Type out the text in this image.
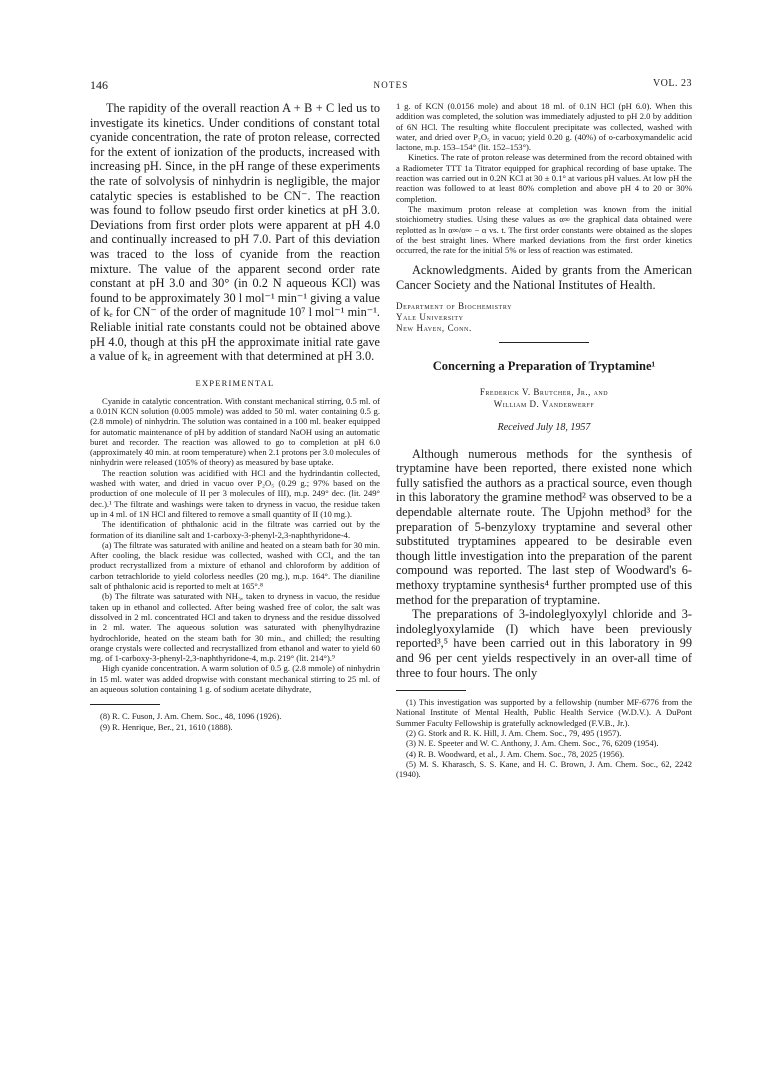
146	NOTES	VOL. 23

The rapidity of the overall reaction A + B + C led us to investigate its kinetics. Under conditions of constant total cyanide concentration, the rate of proton release, corrected for the extent of ionization of the products, increased with increasing pH. Since, in the pH range of these experiments the rate of solvolysis of ninhydrin is negligible, the major catalytic species is established to be CN⁻. The reaction was found to follow pseudo first order kinetics at pH 3.0. Deviations from first order plots were apparent at pH 4.0 and continually increased to pH 7.0. Part of this deviation was traced to the loss of cyanide from the reaction mixture. The value of the apparent second order rate constant at pH 3.0 and 30° (in 0.2 N aqueous KCl) was found to be approximately 30 l mol⁻¹ min⁻¹ giving a value of kₑ for CN⁻ of the order of magnitude 10⁷ l mol⁻¹ min⁻¹. Reliable initial rate constants could not be obtained above pH 4.0, though at this pH the approximate initial rate gave a value of kₑ in agreement with that determined at pH 3.0.

EXPERIMENTAL

Cyanide in catalytic concentration. With constant mechanical stirring, 0.5 ml. of a 0.01N KCN solution (0.005 mmole) was added to 50 ml. water containing 0.5 g. (2.8 mmole) of ninhydrin. The solution was contained in a 100 ml. beaker equipped for automatic maintenance of pH by addition of standard NaOH using an automatic buret and recorder. The reaction was allowed to go to completion at pH 6.0 (approximately 40 min. at room temperature) when 2.1 protons per 3.0 molecules of ninhydrin were released (105% of theory) as measured by base uptake.

The reaction solution was acidified with HCl and the hydrindantin collected, washed with water, and dried in vacuo over P₂O₅ (0.29 g.; 97% based on the production of one molecule of II per 3 molecules of III), m.p. 249° dec. (lit. 249° dec.).¹ The filtrate and washings were taken to dryness in vacuo, the residue taken up in 4 ml. of 1N HCl and filtered to remove a small quantity of II (10 mg.).

The identification of phthalonic acid in the filtrate was carried out by the formation of its dianiline salt and 1-carboxy-3-phenyl-2,3-naphthyridone-4.

(a) The filtrate was saturated with aniline and heated on a steam bath for 30 min. After cooling, the black residue was collected, washed with CCl₄ and the tan product recrystallized from a mixture of ethanol and chloroform by addition of carbon tetrachloride to yield colorless needles (20 mg.), m.p. 164°. The dianiline salt of phthalonic acid is reported to melt at 165°.⁸

(b) The filtrate was saturated with NH₃, taken to dryness in vacuo, the residue taken up in ethanol and collected. After being washed free of color, the salt was dissolved in 2 ml. concentrated HCl and taken to dryness and the residue dissolved in 2 ml. water. The aqueous solution was saturated with phenylhydrazine hydrochloride, heated on the steam bath for 30 min., and chilled; the resulting orange crystals were collected and recrystallized from ethanol and water to yield 60 mg. of 1-carboxy-3-phenyl-2,3-naphthyridone-4, m.p. 219° (lit. 214°).⁹

High cyanide concentration. A warm solution of 0.5 g. (2.8 mmole) of ninhydrin in 15 ml. water was added dropwise with constant mechanical stirring to 25 ml. of an aqueous solution containing 1 g. of sodium acetate dihydrate,

(8) R. C. Fuson, J. Am. Chem. Soc., 48, 1096 (1926).

(9) R. Henrique, Ber., 21, 1610 (1888).

1 g. of KCN (0.0156 mole) and about 18 ml. of 0.1N HCl (pH 6.0). When this addition was completed, the solution was immediately adjusted to pH 2.0 by addition of 6N HCl. The resulting white flocculent precipitate was collected, washed with water, and dried over P₂O₅ in vacuo; yield 0.20 g. (40%) of o-carboxymandelic acid lactone, m.p. 153–154° (lit. 152–153°).

Kinetics. The rate of proton release was determined from the record obtained with a Radiometer TTT 1a Titrator equipped for graphical recording of base uptake. The reaction was carried out in 0.2N KCl at 30 ± 0.1° at various pH values. At low pH the reaction was followed to at least 80% completion and above pH 4 to 20 or 30% completion.

The maximum proton release at completion was known from the initial stoichiometry studies. Using these values as α∞ the graphical data obtained were replotted as ln α∞/α∞ − α vs. t. The first order constants were obtained as the slopes of the best straight lines. Where marked deviations from the first order kinetics occurred, the rate for the initial 5% or less of reaction was estimated.

Acknowledgments. Aided by grants from the American Cancer Society and the National Institutes of Health.

Department of Biochemistry
Yale University
New Haven, Conn.
Concerning a Preparation of Tryptamine¹
Frederick V. Brutcher, Jr., and
William D. Vanderwerff
Received July 18, 1957

Although numerous methods for the synthesis of tryptamine have been reported, there existed none which fully satisfied the authors as a practical source, even though in this laboratory the gramine method² was observed to be a dependable alternate route. The Upjohn method³ for the preparation of 5-benzyloxy tryptamine and several other substituted tryptamines appeared to be desirable even though little investigation into the preparation of the parent compound was reported. The last step of Woodward's 6-methoxy tryptamine synthesis⁴ further prompted use of this method for the preparation of tryptamine.

The preparations of 3-indoleglyoxylyl chloride and 3-indoleglyoxylamide (I) which have been previously reported³,⁵ have been carried out in this laboratory in 99 and 96 per cent yields respectively in an over-all time of three to four hours. The only

(1) This investigation was supported by a fellowship (number MF-6776 from the National Institute of Mental Health, Public Health Service (W.D.V.). A DuPont Summer Faculty Fellowship is gratefully acknowledged (F.V.B., Jr.).

(2) G. Stork and R. K. Hill, J. Am. Chem. Soc., 79, 495 (1957).

(3) N. E. Speeter and W. C. Anthony, J. Am. Chem. Soc., 76, 6209 (1954).

(4) R. B. Woodward, et al., J. Am. Chem. Soc., 78, 2025 (1956).

(5) M. S. Kharasch, S. S. Kane, and H. C. Brown, J. Am. Chem. Soc., 62, 2242 (1940).
